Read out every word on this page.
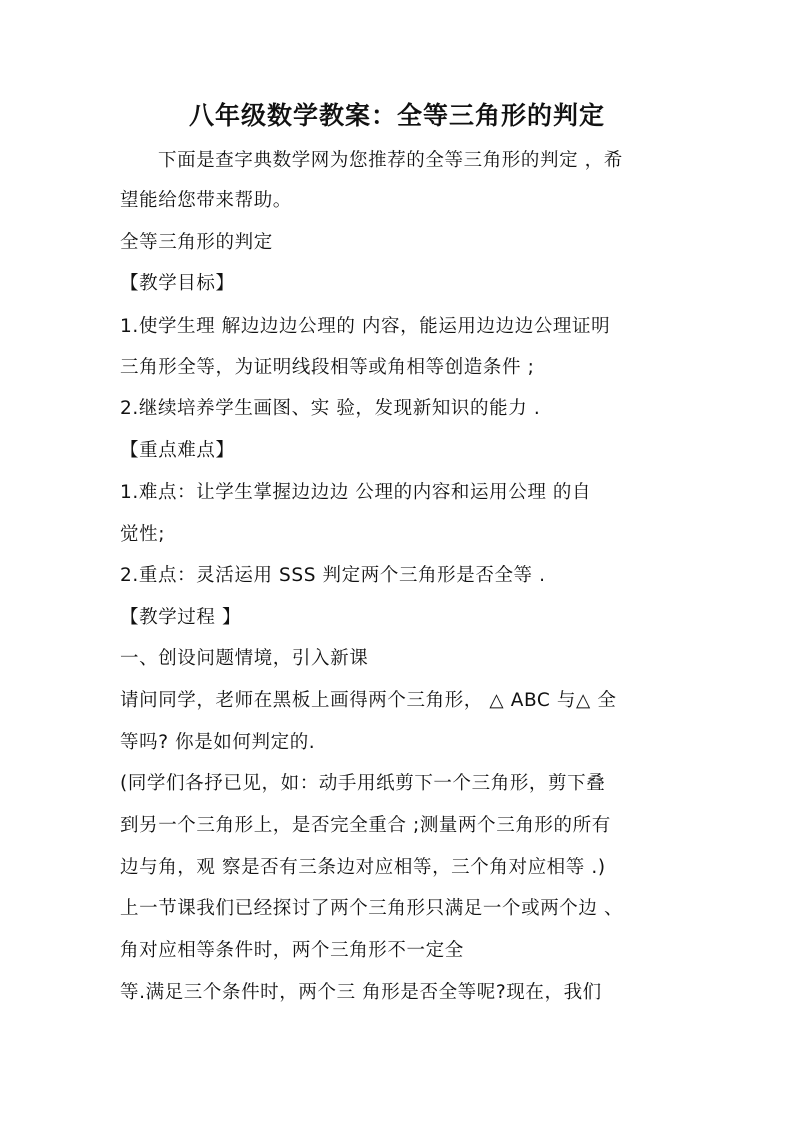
八年级数学教案：全等三角形的判定
下面是查字典数学网为您推荐的全等三角形的判定 ，希
望能给您带来帮助。
全等三角形的判定
【教学目标】
1.使学生理 解边边边公理的 内容，能运用边边边公理证明
三角形全等，为证明线段相等或角相等创造条件 ;
2.继续培养学生画图、实 验，发现新知识的能力 .
【重点难点】
1.难点：让学生掌握边边边 公理的内容和运用公理 的自
觉性;
2.重点：灵活运用 SSS 判定两个三角形是否全等 .
【教学过程 】
一、创设问题情境，引入新课
请问同学，老师在黑板上画得两个三角形， △ ABC 与△ 全
等吗? 你是如何判定的.
(同学们各抒已见，如：动手用纸剪下一个三角形，剪下叠
到另一个三角形上，是否完全重合 ;测量两个三角形的所有
边与角，观 察是否有三条边对应相等，三个角对应相等 .)
上一节课我们已经探讨了两个三角形只满足一个或两个边 、
角对应相等条件时，两个三角形不一定全
等.满足三个条件时，两个三 角形是否全等呢?现在，我们
